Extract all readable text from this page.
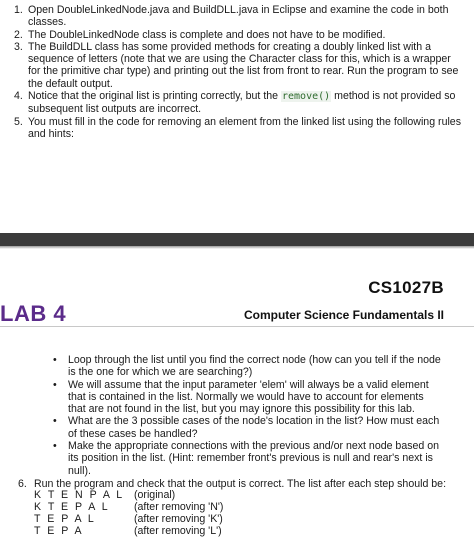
1. Open DoubleLinkedNode.java and BuildDLL.java in Eclipse and examine the code in both classes.
2. The DoubleLinkedNode class is complete and does not have to be modified.
3. The BuildDLL class has some provided methods for creating a doubly linked list with a sequence of letters (note that we are using the Character class for this, which is a wrapper for the primitive char type) and printing out the list from front to rear. Run the program to see the default output.
4. Notice that the original list is printing correctly, but the remove() method is not provided so subsequent list outputs are incorrect.
5. You must fill in the code for removing an element from the linked list using the following rules and hints:
CS1027B
LAB 4	Computer Science Fundamentals II
• Loop through the list until you find the correct node (how can you tell if the node is the one for which we are searching?)
• We will assume that the input parameter 'elem' will always be a valid element that is contained in the list. Normally we would have to account for elements that are not found in the list, but you may ignore this possibility for this lab.
• What are the 3 possible cases of the node's location in the list? How must each of these cases be handled?
• Make the appropriate connections with the previous and/or next node based on its position in the list. (Hint: remember front's previous is null and rear's next is null).
6. Run the program and check that the output is correct. The list after each step should be:
K T E N P A L (original)
K T E P A L	(after removing 'N')
T E P A L	(after removing 'K')
T E P A	(after removing 'L')
